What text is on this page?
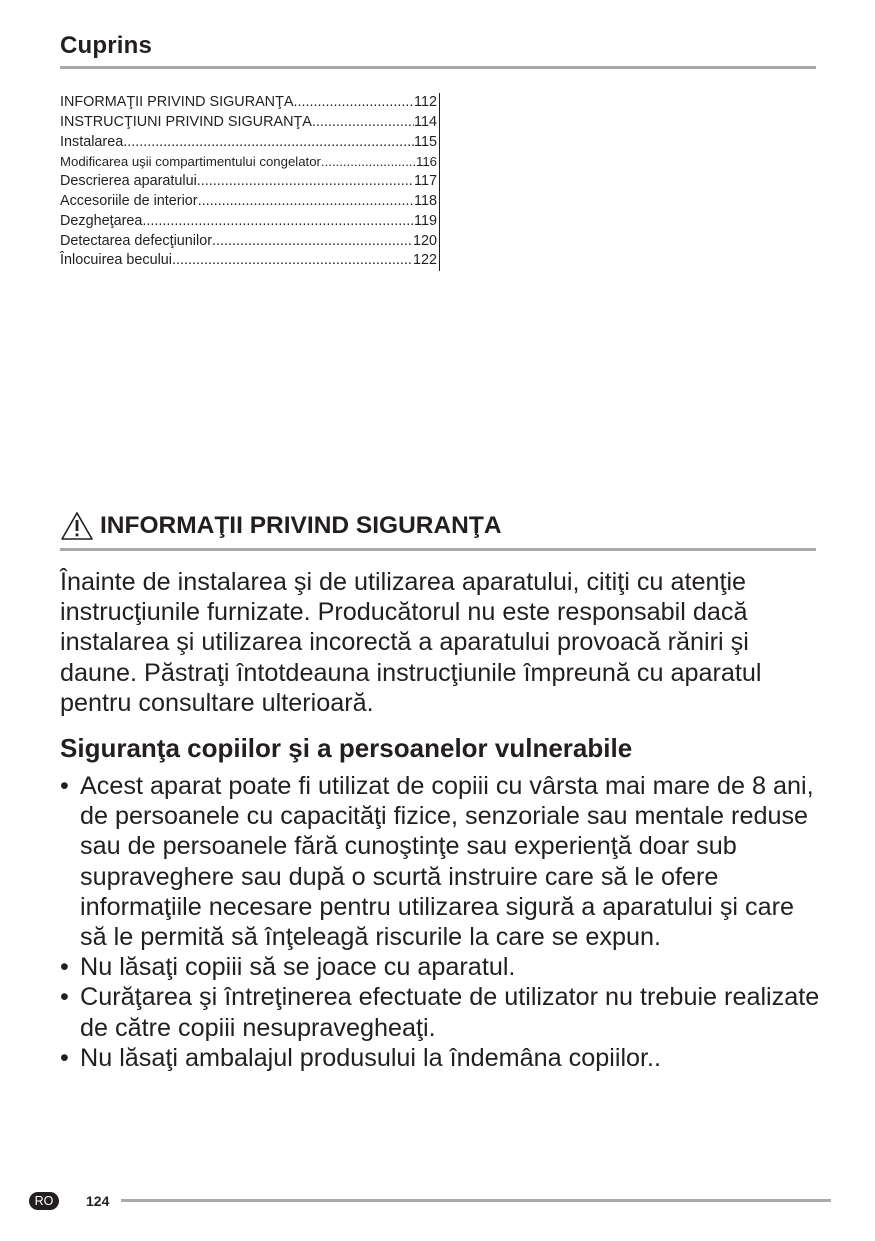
Cuprins
INFORMAŢII PRIVIND SIGURANŢA .....	112
INSTRUCŢIUNI PRIVIND SIGURANŢA .....	114
Instalarea .....	115
Modificarea uşii compartimentului congelator .....	116
Descrierea aparatului .....	117
Accesoriile de interior .....	118
Dezgheţarea .....	119
Detectarea defecţiunilor .....	120
Înlocuirea becului .....	122
INFORMAŢII PRIVIND SIGURANŢA
Înainte de instalarea şi de utilizarea aparatului, citiţi cu atenţie instrucţiunile furnizate. Producătorul nu este responsabil dacă instalarea şi utilizarea incorectă a aparatului provoacă răniri şi daune. Păstraţi întotdeauna instrucţiunile împreună cu aparatul pentru consultare ulterioară.
Siguranţa copiilor şi a persoanelor vulnerabile
• Acest aparat poate fi utilizat de copiii cu vârsta mai mare de 8 ani, de persoanele cu capacităţi fizice, senzoriale sau mentale reduse sau de persoanele fără cunoştinţe sau experienţă doar sub supraveghere sau după o scurtă instruire care să le ofere informaţiile necesare pentru utilizarea sigură a aparatului şi care să le permită să înţeleagă riscurile la care se expun.
• Nu lăsaţi copiii să se joace cu aparatul.
• Curăţarea şi întreţinerea efectuate de utilizator nu trebuie realizate de către copiii nesupravegheaţi.
• Nu lăsaţi ambalajul produsului la îndemâna copiilor..
RO	124
